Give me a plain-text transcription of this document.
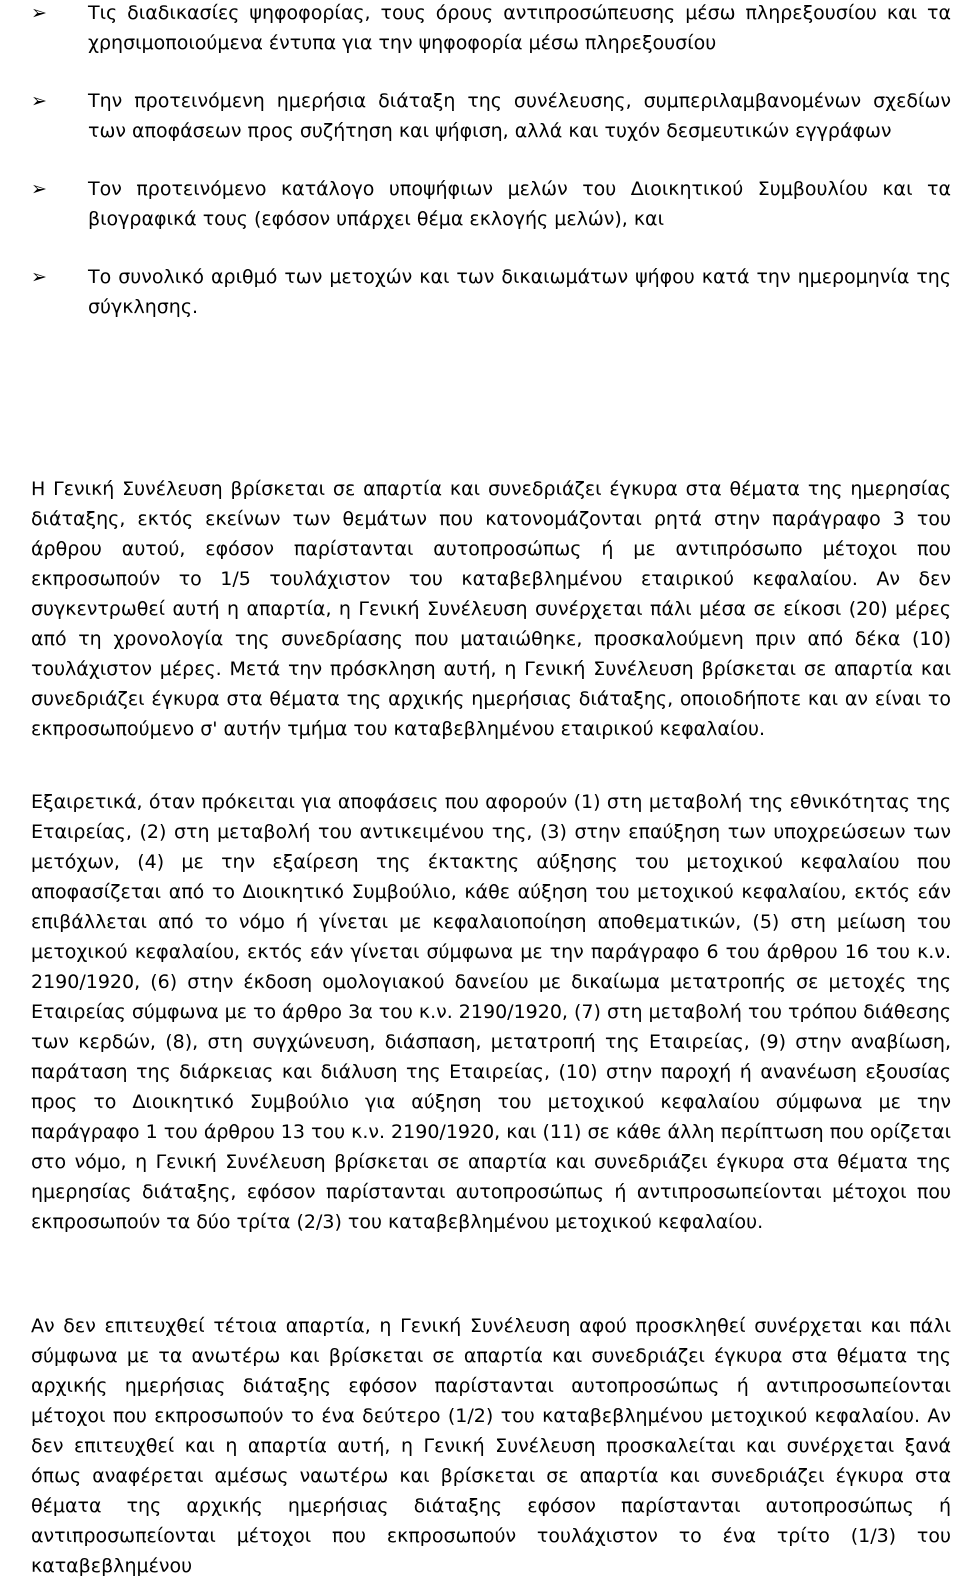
➢	Τις διαδικασίες ψηφοφορίας, τους όρους αντιπροσώπευσης μέσω πληρεξουσίου και τα χρησιμοποιούμενα έντυπα για την ψηφοφορία μέσω πληρεξουσίου
➢	Την προτεινόμενη ημερήσια διάταξη της συνέλευσης, συμπεριλαμβανομένων σχεδίων των αποφάσεων προς συζήτηση και ψήφιση, αλλά και τυχόν δεσμευτικών εγγράφων
➢	Τον προτεινόμενο κατάλογο υποψήφιων μελών του Διοικητικού Συμβουλίου και τα βιογραφικά τους (εφόσον υπάρχει θέμα εκλογής μελών), και
➢	Το συνολικό αριθμό των μετοχών και των δικαιωμάτων ψήφου κατά την ημερομηνία της σύγκλησης.

Η Γενική Συνέλευση βρίσκεται σε απαρτία και συνεδριάζει έγκυρα στα θέματα της ημερησίας διάταξης, εκτός εκείνων των θεμάτων που κατονομάζονται ρητά στην παράγραφο 3 του άρθρου αυτού, εφόσον παρίστανται αυτοπροσώπως ή με αντιπρόσωπο μέτοχοι που εκπροσωπούν το 1/5 τουλάχιστον του καταβεβλημένου εταιρικού κεφαλαίου. Αν δεν συγκεντρωθεί αυτή η απαρτία, η Γενική Συνέλευση συνέρχεται πάλι μέσα σε είκοσι (20) μέρες από τη χρονολογία της συνεδρίασης που ματαιώθηκε, προσκαλούμενη πριν από δέκα (10) τουλάχιστον μέρες. Μετά την πρόσκληση αυτή, η Γενική Συνέλευση βρίσκεται σε απαρτία και συνεδριάζει έγκυρα στα θέματα της αρχικής ημερήσιας διάταξης, οποιοδήποτε και αν είναι το εκπροσωπούμενο σ' αυτήν τμήμα του καταβεβλημένου εταιρικού κεφαλαίου.

Εξαιρετικά, όταν πρόκειται για αποφάσεις που αφορούν (1) στη μεταβολή της εθνικότητας της Εταιρείας, (2) στη μεταβολή του αντικειμένου της, (3) στην επαύξηση των υποχρεώσεων των μετόχων, (4) με την εξαίρεση της έκτακτης αύξησης του μετοχικού κεφαλαίου που αποφασίζεται από το Διοικητικό Συμβούλιο, κάθε αύξηση του μετοχικού κεφαλαίου, εκτός εάν επιβάλλεται από το νόμο ή γίνεται με κεφαλαιοποίηση αποθεματικών, (5) στη μείωση του μετοχικού κεφαλαίου, εκτός εάν γίνεται σύμφωνα με την παράγραφο 6 του άρθρου 16 του κ.ν. 2190/1920, (6) στην έκδοση ομολογιακού δανείου με δικαίωμα μετατροπής σε μετοχές της Εταιρείας σύμφωνα με το άρθρο 3α του κ.ν. 2190/1920, (7) στη μεταβολή του τρόπου διάθεσης των κερδών, (8), στη συγχώνευση, διάσπαση, μετατροπή της Εταιρείας, (9) στην αναβίωση, παράταση της διάρκειας και διάλυση της Εταιρείας, (10) στην παροχή ή ανανέωση εξουσίας προς το Διοικητικό Συμβούλιο για αύξηση του μετοχικού κεφαλαίου σύμφωνα με την παράγραφο 1 του άρθρου 13 του κ.ν. 2190/1920, και (11) σε κάθε άλλη περίπτωση που ορίζεται στο νόμο, η Γενική Συνέλευση βρίσκεται σε απαρτία και συνεδριάζει έγκυρα στα θέματα της ημερησίας διάταξης, εφόσον παρίστανται αυτοπροσώπως ή αντιπροσωπείονται μέτοχοι που εκπροσωπούν τα δύο τρίτα (2/3) του καταβεβλημένου μετοχικού κεφαλαίου.

Αν δεν επιτευχθεί τέτοια απαρτία, η Γενική Συνέλευση αφού προσκληθεί συνέρχεται και πάλι σύμφωνα με τα ανωτέρω και βρίσκεται σε απαρτία και συνεδριάζει έγκυρα στα θέματα της αρχικής ημερήσιας διάταξης εφόσον παρίστανται αυτοπροσώπως ή αντιπροσωπείονται μέτοχοι που εκπροσωπούν το ένα δεύτερο (1/2) του καταβεβλημένου μετοχικού κεφαλαίου. Αν δεν επιτευχθεί και η απαρτία αυτή, η Γενική Συνέλευση προσκαλείται και συνέρχεται ξανά όπως αναφέρεται αμέσως ναωτέρω και βρίσκεται σε απαρτία και συνεδριάζει έγκυρα στα θέματα της αρχικής ημερήσιας διάταξης εφόσον παρίστανται αυτοπροσώπως ή αντιπροσωπείονται μέτοχοι που εκπροσωπούν τουλάχιστον το ένα τρίτο (1/3) του καταβεβλημένου
